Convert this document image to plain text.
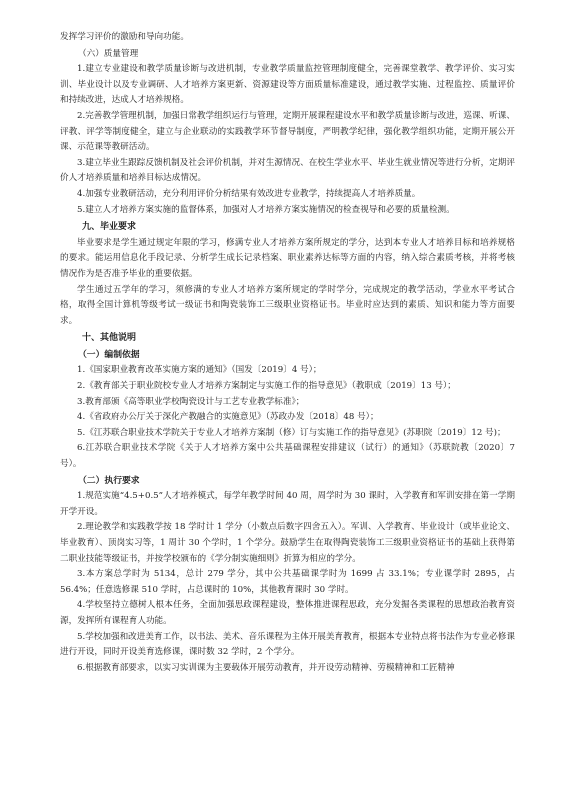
发挥学习评价的激励和导向功能。

（六）质量管理

1.建立专业建设和教学质量诊断与改进机制，专业教学质量监控管理制度健全，完善课堂教学、教学评价、实习实训、毕业设计以及专业调研、人才培养方案更新、资源建设等方面质量标准建设，通过教学实施、过程监控、质量评价和持续改进，达成人才培养规格。

2.完善教学管理机制，加强日常教学组织运行与管理，定期开展课程建设水平和教学质量诊断与改进，巡课、听课、评教、评学等制度健全，建立与企业联动的实践教学环节督导制度，严明教学纪律，强化教学组织功能，定期开展公开课、示范课等教研活动。

3.建立毕业生跟踪反馈机制及社会评价机制，并对生源情况、在校生学业水平、毕业生就业情况等进行分析，定期评价人才培养质量和培养目标达成情况。

4.加强专业教研活动，充分利用评价分析结果有效改进专业教学，持续提高人才培养质量。

5.建立人才培养方案实施的监督体系，加强对人才培养方案实施情况的检查视导和必要的质量检测。

九、毕业要求

毕业要求是学生通过规定年限的学习，修满专业人才培养方案所规定的学分，达到本专业人才培养目标和培养规格的要求。能运用信息化手段记录、分析学生成长记录档案、职业素养达标等方面的内容，纳入综合素质考核，并将考核情况作为是否准予毕业的重要依据。

学生通过五学年的学习，须修满的专业人才培养方案所规定的学时学分，完成规定的教学活动，学业水平考试合格，取得全国计算机等级考试一级证书和陶瓷装饰工三级职业资格证书。毕业时应达到的素质、知识和能力等方面要求。

十、其他说明

（一）编制依据

1.《国家职业教育改革实施方案的通知》（国发〔2019〕4 号）；

2.《教育部关于职业院校专业人才培养方案制定与实施工作的指导意见》（教职成〔2019〕13 号）；

3.教育部颁《高等职业学校陶瓷设计与工艺专业教学标准》；

4.《省政府办公厅关于深化产教融合的实施意见》（苏政办发〔2018〕48 号）；

5.《江苏联合职业技术学院关于专业人才培养方案制（修）订与实施工作的指导意见》(苏职院〔2019〕12 号)；

6.江苏联合职业技术学院《关于人才培养方案中公共基础课程安排建议（试行）的通知》（苏联院教〔2020〕7 号）。

（二）执行要求

1.规范实施“4.5+0.5”人才培养模式，每学年教学时间 40 周，周学时为 30 课时，入学教育和军训安排在第一学期开学开设。

2.理论教学和实践教学按 18 学时计 1 学分（小数点后数字四舍五入）。军训、入学教育、毕业设计（或毕业论文、毕业教育）、顶岗实习等，1 周计 30 个学时，1 个学分。鼓励学生在取得陶瓷装饰工三级职业资格证书的基础上获得第二职业技能等级证书，并按学校颁布的《学分制实施细则》折算为相应的学分。

3.本方案总学时为 5134，总计 279 学分，其中公共基础课学时为 1699 占 33.1%；专业课学时 2895，占 56.4%；任意选修课 510 学时，占总课时的 10%，其他教育课时 30 学时。

4.学校坚持立德树人根本任务，全面加强思政课程建设，整体推进课程思政，充分发掘各类课程的思想政治教育资源，发挥所有课程育人功能。

5.学校加强和改进美育工作，以书法、美术、音乐课程为主体开展美育教育，根据本专业特点将书法作为专业必修课进行开设，同时开设美育选修课，课时数 32 学时，2 个学分。

6.根据教育部要求，以实习实训课为主要载体开展劳动教育，并开设劳动精神、劳模精神和工匠精神
